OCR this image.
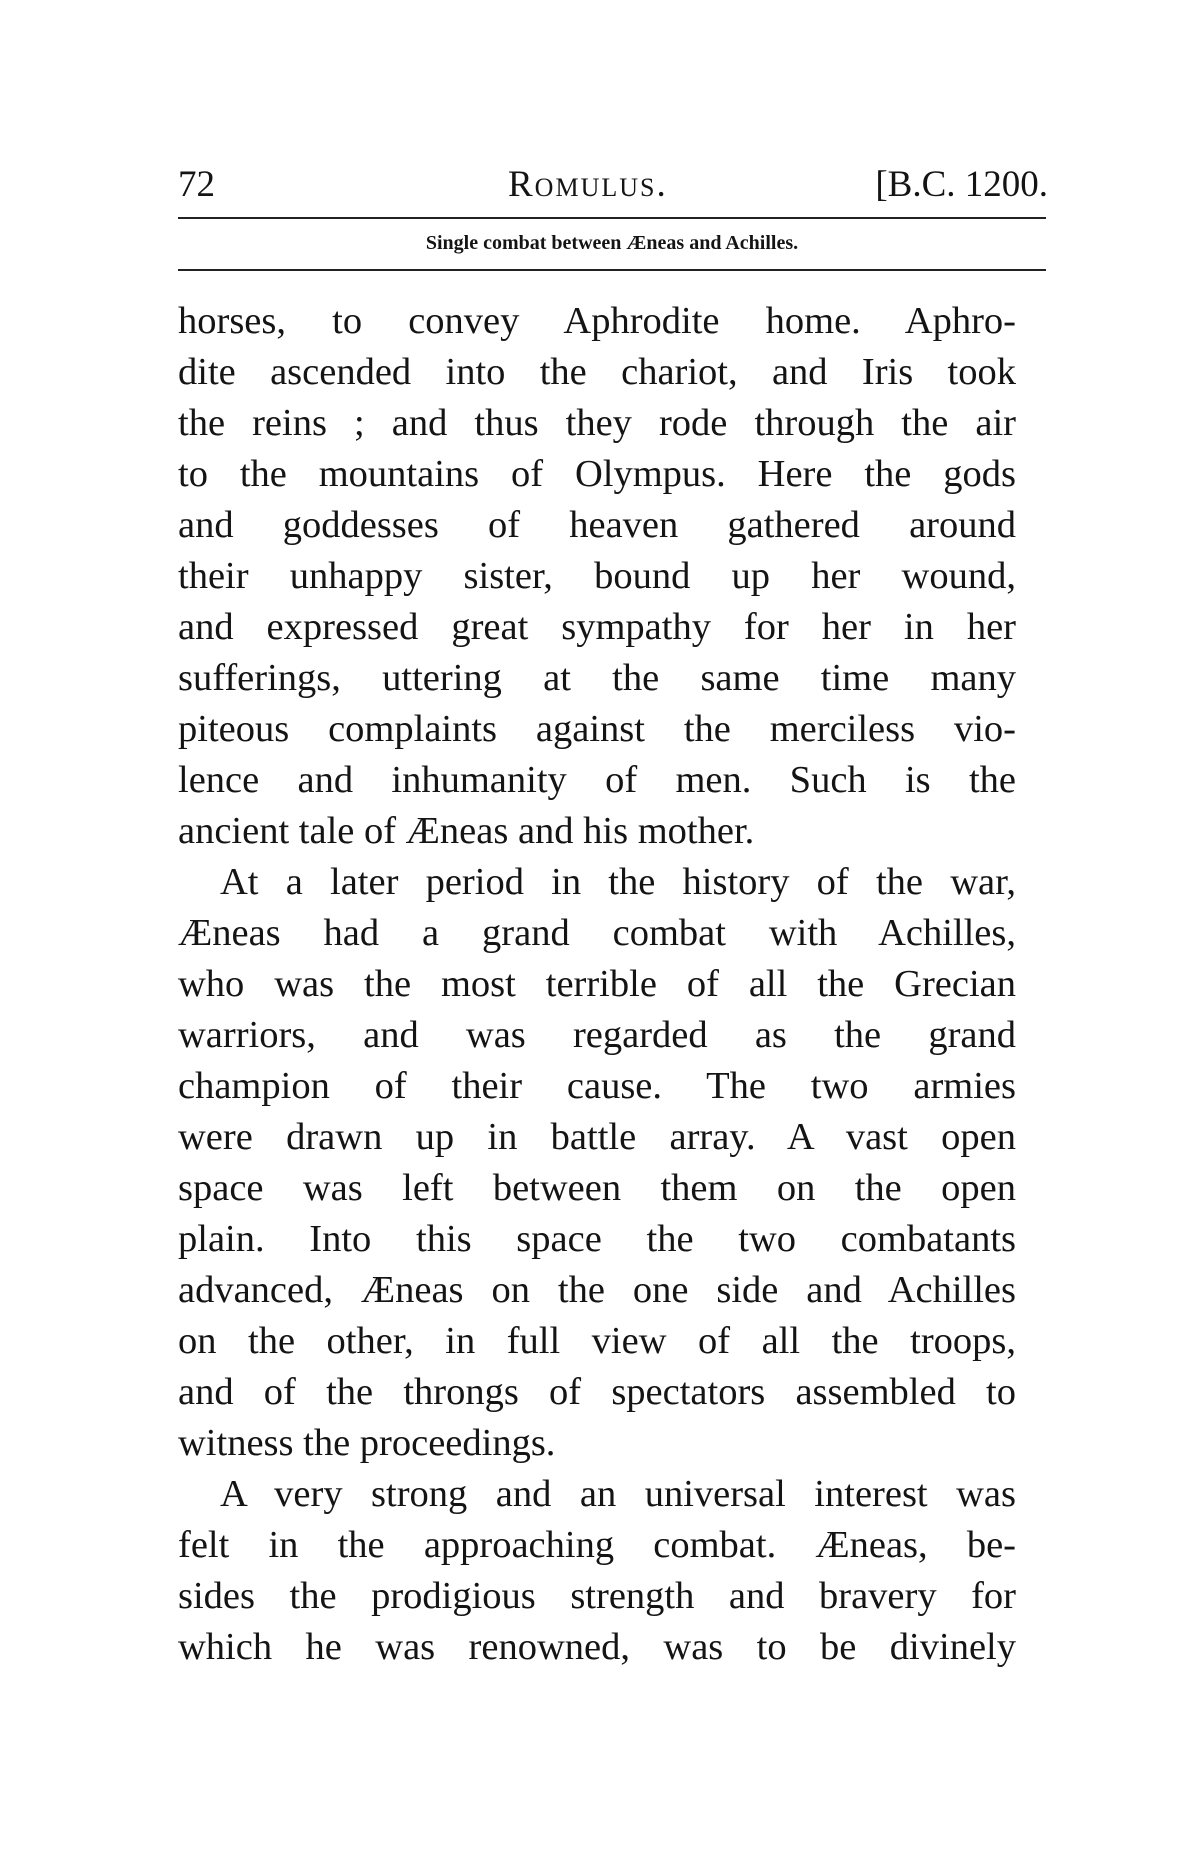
72	Romulus.	[B.C. 1200.
Single combat between Æneas and Achilles.
horses, to convey Aphrodite home. Aphro-
dite ascended into the chariot, and Iris took
the reins ; and thus they rode through the air
to the mountains of Olympus. Here the gods
and goddesses of heaven gathered around
their unhappy sister, bound up her wound,
and expressed great sympathy for her in her
sufferings, uttering at the same time many
piteous complaints against the merciless vio-
lence and inhumanity of men. Such is the
ancient tale of Æneas and his mother.
At a later period in the history of the war,
Æneas had a grand combat with Achilles,
who was the most terrible of all the Grecian
warriors, and was regarded as the grand
champion of their cause. The two armies
were drawn up in battle array. A vast open
space was left between them on the open
plain. Into this space the two combatants
advanced, Æneas on the one side and Achilles
on the other, in full view of all the troops,
and of the throngs of spectators assembled to
witness the proceedings.
A very strong and an universal interest was
felt in the approaching combat. Æneas, be-
sides the prodigious strength and bravery for
which he was renowned, was to be divinely
